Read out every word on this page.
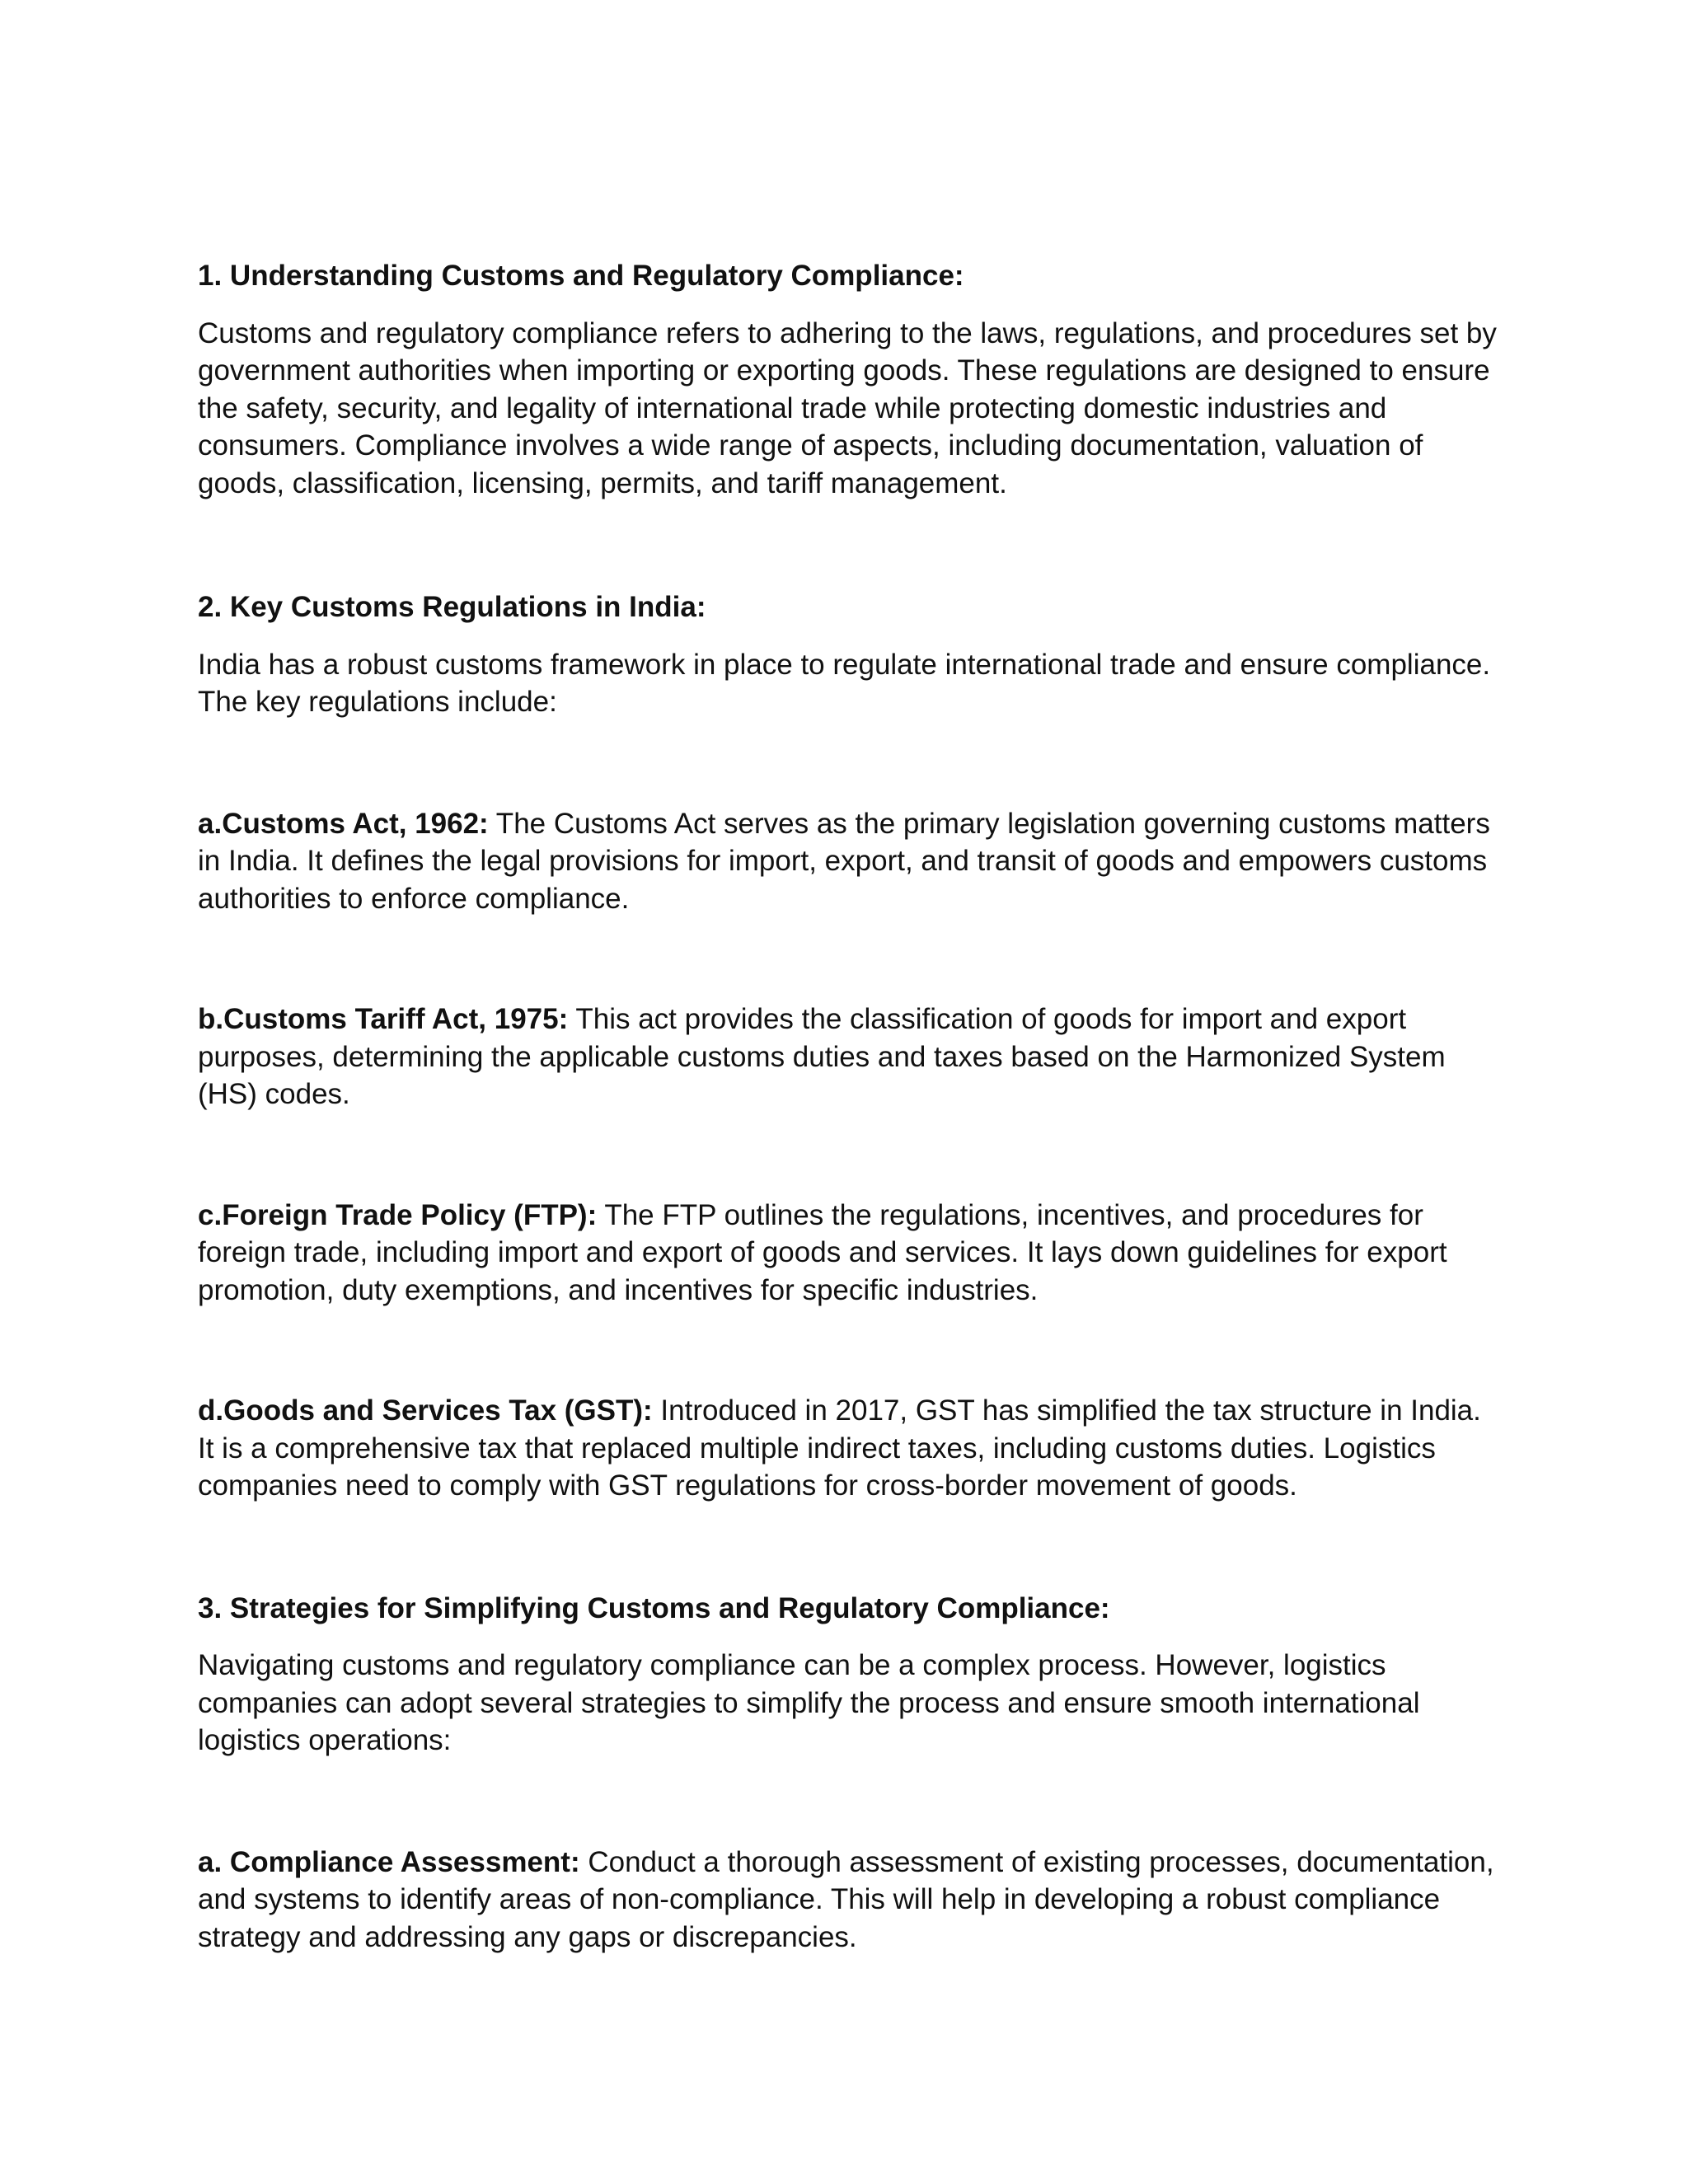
1. Understanding Customs and Regulatory Compliance:

Customs and regulatory compliance refers to adhering to the laws, regulations, and procedures set by government authorities when importing or exporting goods. These regulations are designed to ensure the safety, security, and legality of international trade while protecting domestic industries and consumers. Compliance involves a wide range of aspects, including documentation, valuation of goods, classification, licensing, permits, and tariff management.

2. Key Customs Regulations in India:

India has a robust customs framework in place to regulate international trade and ensure compliance. The key regulations include:

a.Customs Act, 1962: The Customs Act serves as the primary legislation governing customs matters in India. It defines the legal provisions for import, export, and transit of goods and empowers customs authorities to enforce compliance.

b.Customs Tariff Act, 1975: This act provides the classification of goods for import and export purposes, determining the applicable customs duties and taxes based on the Harmonized System (HS) codes.

c.Foreign Trade Policy (FTP): The FTP outlines the regulations, incentives, and procedures for foreign trade, including import and export of goods and services. It lays down guidelines for export promotion, duty exemptions, and incentives for specific industries.

d.Goods and Services Tax (GST): Introduced in 2017, GST has simplified the tax structure in India. It is a comprehensive tax that replaced multiple indirect taxes, including customs duties. Logistics companies need to comply with GST regulations for cross-border movement of goods.

3. Strategies for Simplifying Customs and Regulatory Compliance:

Navigating customs and regulatory compliance can be a complex process. However, logistics companies can adopt several strategies to simplify the process and ensure smooth international logistics operations:

a. Compliance Assessment: Conduct a thorough assessment of existing processes, documentation, and systems to identify areas of non-compliance. This will help in developing a robust compliance strategy and addressing any gaps or discrepancies.
